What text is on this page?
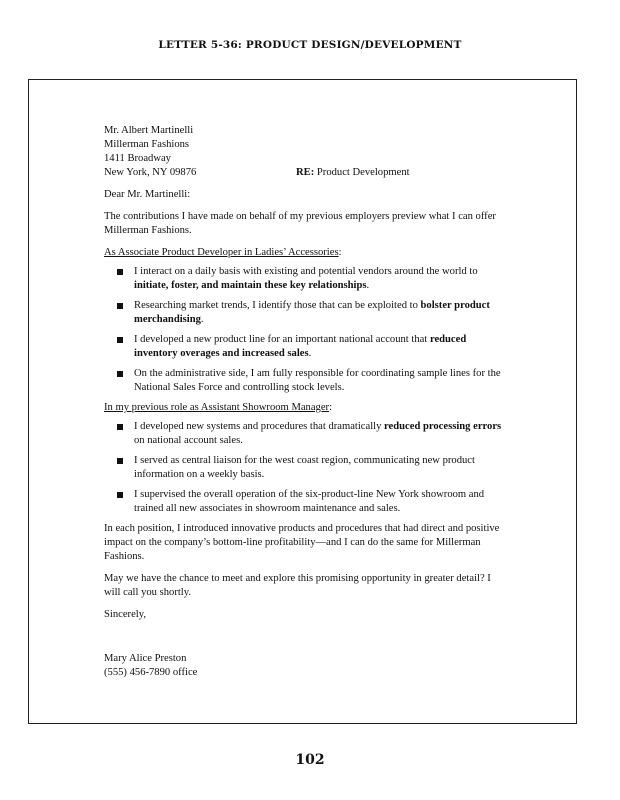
LETTER 5-36: PRODUCT DESIGN/DEVELOPMENT
Mr. Albert Martinelli
Millerman Fashions
1411 Broadway
New York, NY 09876	RE: Product Development
Dear Mr. Martinelli:
The contributions I have made on behalf of my previous employers preview what I can offer Millerman Fashions.
As Associate Product Developer in Ladies’ Accessories:
I interact on a daily basis with existing and potential vendors around the world to initiate, foster, and maintain these key relationships.
Researching market trends, I identify those that can be exploited to bolster product merchandising.
I developed a new product line for an important national account that reduced inventory overages and increased sales.
On the administrative side, I am fully responsible for coordinating sample lines for the National Sales Force and controlling stock levels.
In my previous role as Assistant Showroom Manager:
I developed new systems and procedures that dramatically reduced processing errors on national account sales.
I served as central liaison for the west coast region, communicating new product information on a weekly basis.
I supervised the overall operation of the six-product-line New York showroom and trained all new associates in showroom maintenance and sales.
In each position, I introduced innovative products and procedures that had direct and positive impact on the company’s bottom-line profitability—and I can do the same for Millerman Fashions.
May we have the chance to meet and explore this promising opportunity in greater detail? I will call you shortly.
Sincerely,
Mary Alice Preston
(555) 456-7890 office
102
